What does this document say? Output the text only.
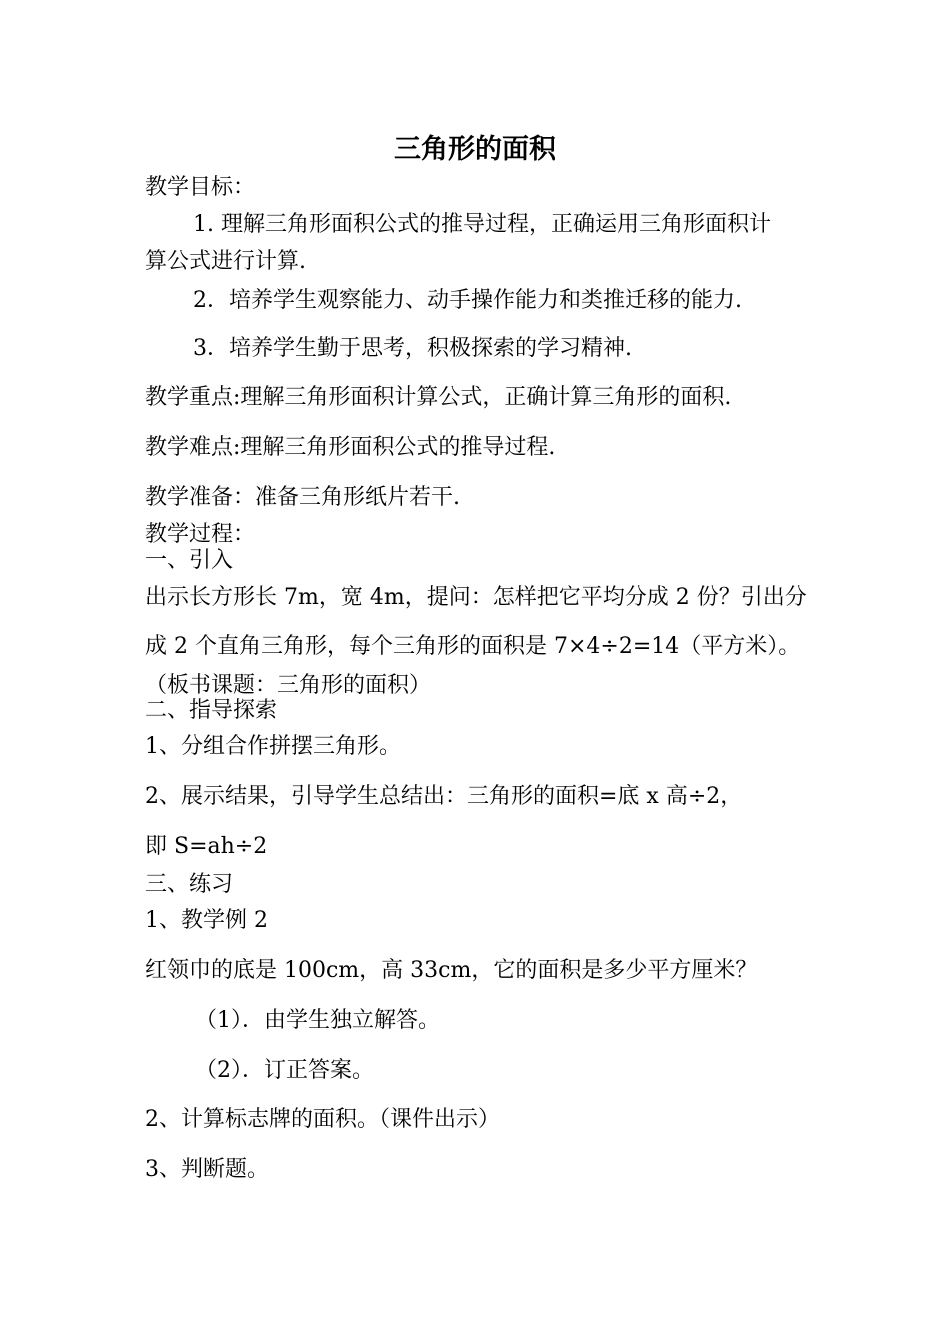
三角形的面积
教学目标：
1. 理解三角形面积公式的推导过程，正确运用三角形面积计
算公式进行计算.
2．培养学生观察能力、动手操作能力和类推迁移的能力.
3．培养学生勤于思考，积极探索的学习精神.
教学重点:理解三角形面积计算公式，正确计算三角形的面积.
教学难点:理解三角形面积公式的推导过程.
教学准备：准备三角形纸片若干.
教学过程：
一、引入
出示长方形长 7m，宽 4m，提问：怎样把它平均分成 2 份？引出分
成 2 个直角三角形，每个三角形的面积是 7×4÷2=14（平方米）。
（板书课题：三角形的面积）
二、指导探索
1、分组合作拼摆三角形。
2、展示结果，引导学生总结出：三角形的面积=底 x 高÷2，
即 S=ah÷2
三、练习
1、教学例 2
红领巾的底是 100cm，高 33cm，它的面积是多少平方厘米？
（1）．由学生独立解答。
（2）．订正答案。
2、计算标志牌的面积。（课件出示）
3、判断题。
